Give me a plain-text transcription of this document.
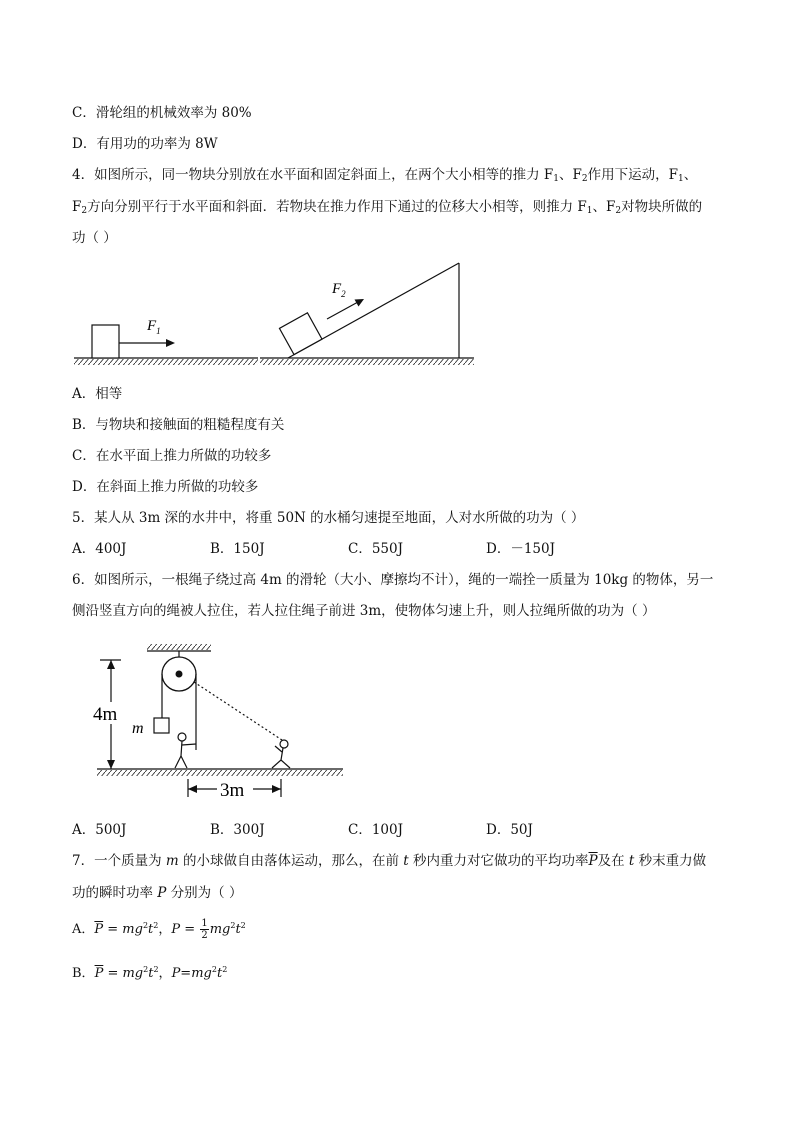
C．滑轮组的机械效率为 80%
D．有用功的功率为 8W
4．如图所示，同一物块分别放在水平面和固定斜面上，在两个大小相等的推力 $F_1$、$F_2$作用下运动，$F_1$、
$F_2$方向分别平行于水平面和斜面．若物块在推力作用下通过的位移大小相等，则推力 $F_1$、$F_2$对物块所做的
功（ ）
$F_1$
$F_2$
A．相等
B．与物块和接触面的粗糙程度有关
C．在水平面上推力所做的功较多
D．在斜面上推力所做的功较多
5．某人从 3m 深的水井中，将重 50N 的水桶匀速提至地面，人对水所做的功为（ ）
A．400J	B．150J	C．550J	D．－150J
6．如图所示，一根绳子绕过高 4m 的滑轮（大小、摩擦均不计），绳的一端拴一质量为 10kg 的物体，另一
侧沿竖直方向的绳被人拉住，若人拉住绳子前进 3m，使物体匀速上升，则人拉绳所做的功为（ ）
m
4m
3m
A．500J	B．300J	C．100J	D．50J
7．一个质量为 m 的小球做自由落体运动，那么，在前 t 秒内重力对它做功的平均功率$\overline{P}$及在 t 秒末重力做
功的瞬时功率 P 分别为（ ）
A．$\overline{P} = mg^2t^2$，$P = \frac{1}{2} mg^2t^2$
B．$\overline{P} = mg^2t^2$，$P=mg^2t^2$
